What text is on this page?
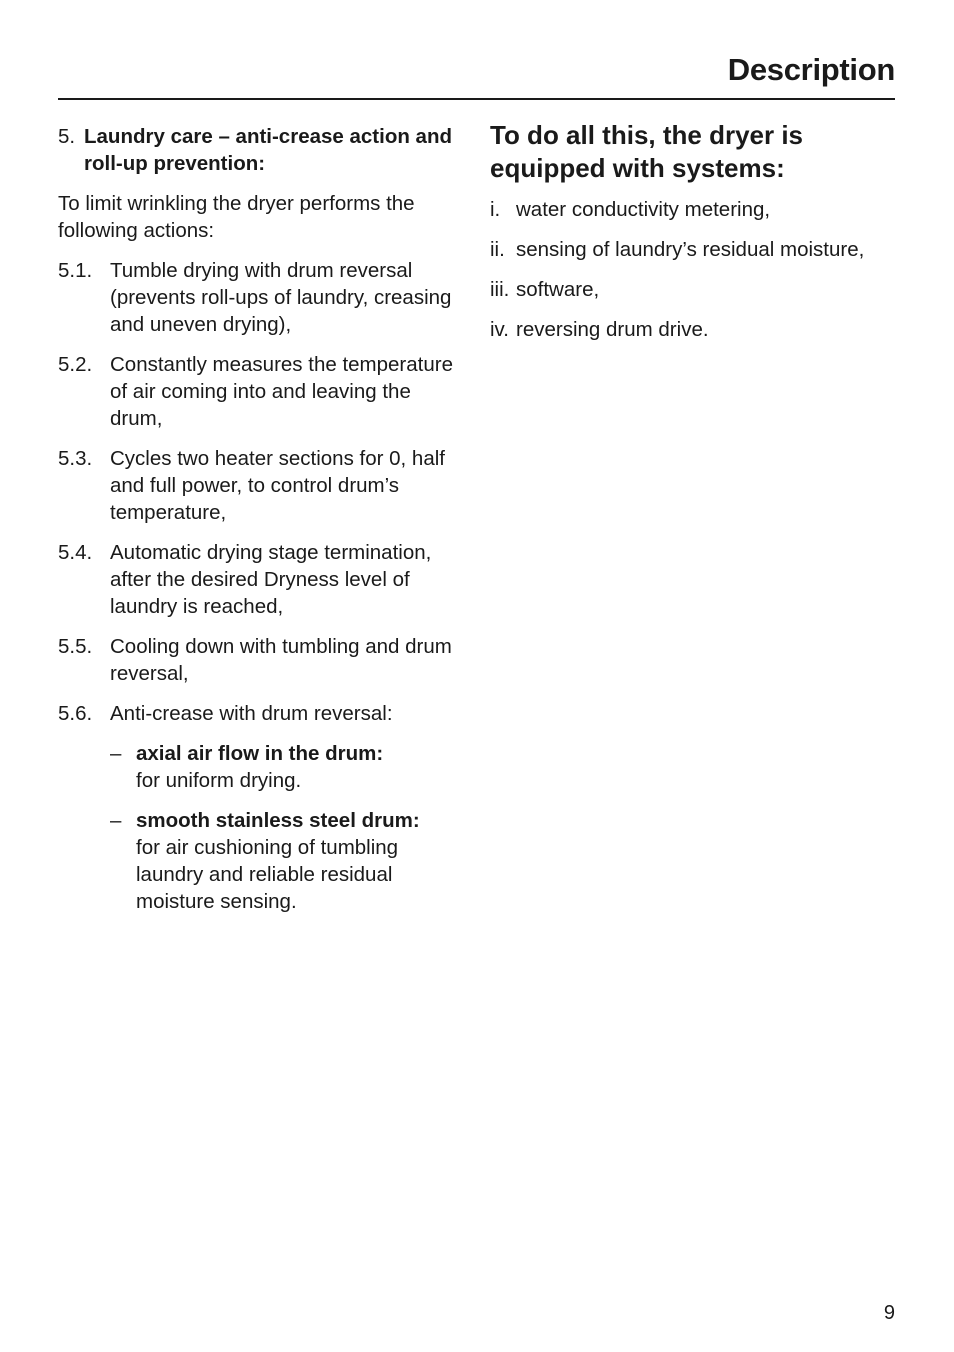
Description
5. Laundry care – anti-crease action and roll-up prevention:
To limit wrinkling the dryer performs the following actions:
5.1. Tumble drying with drum reversal (prevents roll-ups of laundry, creasing and uneven drying),
5.2. Constantly measures the temperature of air coming into and leaving the drum,
5.3. Cycles two heater sections for 0, half and full power, to control drum’s temperature,
5.4. Automatic drying stage termination, after the desired Dryness level of laundry is reached,
5.5. Cooling down with tumbling and drum reversal,
5.6. Anti-crease with drum reversal:
– axial air flow in the drum:
for uniform drying.
– smooth stainless steel drum:
for air cushioning of tumbling laundry and reliable residual moisture sensing.
To do all this, the dryer is equipped with systems:
i. water conductivity metering,
ii. sensing of laundry’s residual moisture,
iii. software,
iv. reversing drum drive.
9
